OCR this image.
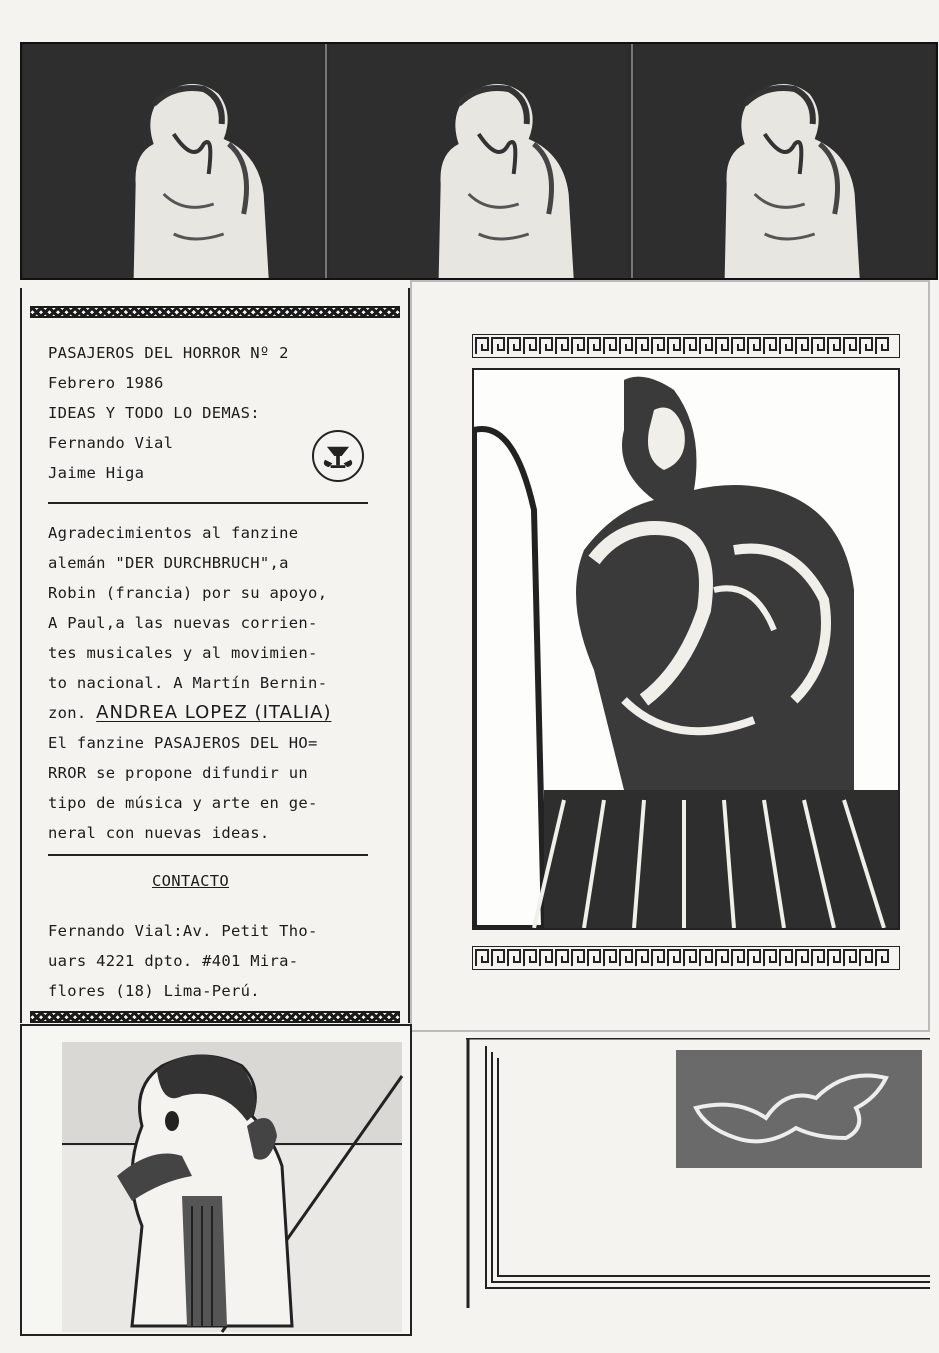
PASAJEROS DEL HORROR Nº 2
Febrero 1986
IDEAS Y TODO LO DEMAS:
Fernando Vial
Jaime Higa
Agradecimientos al fanzine
alemán "DER DURCHBRUCH",a
Robin (francia) por su apoyo,
A Paul,a las nuevas corrien-
tes musicales y al movimien-
to nacional. A Martín Bernin-
zon. ANDREA LOPEZ (ITALIA)
El fanzine PASAJEROS DEL HO=
RROR se propone difundir un
tipo de música y arte en ge-
neral con nuevas ideas.
CONTACTO
Fernando Vial:Av. Petit Tho-
uars 4221 dpto. #401 Mira-
flores (18) Lima-Perú.
